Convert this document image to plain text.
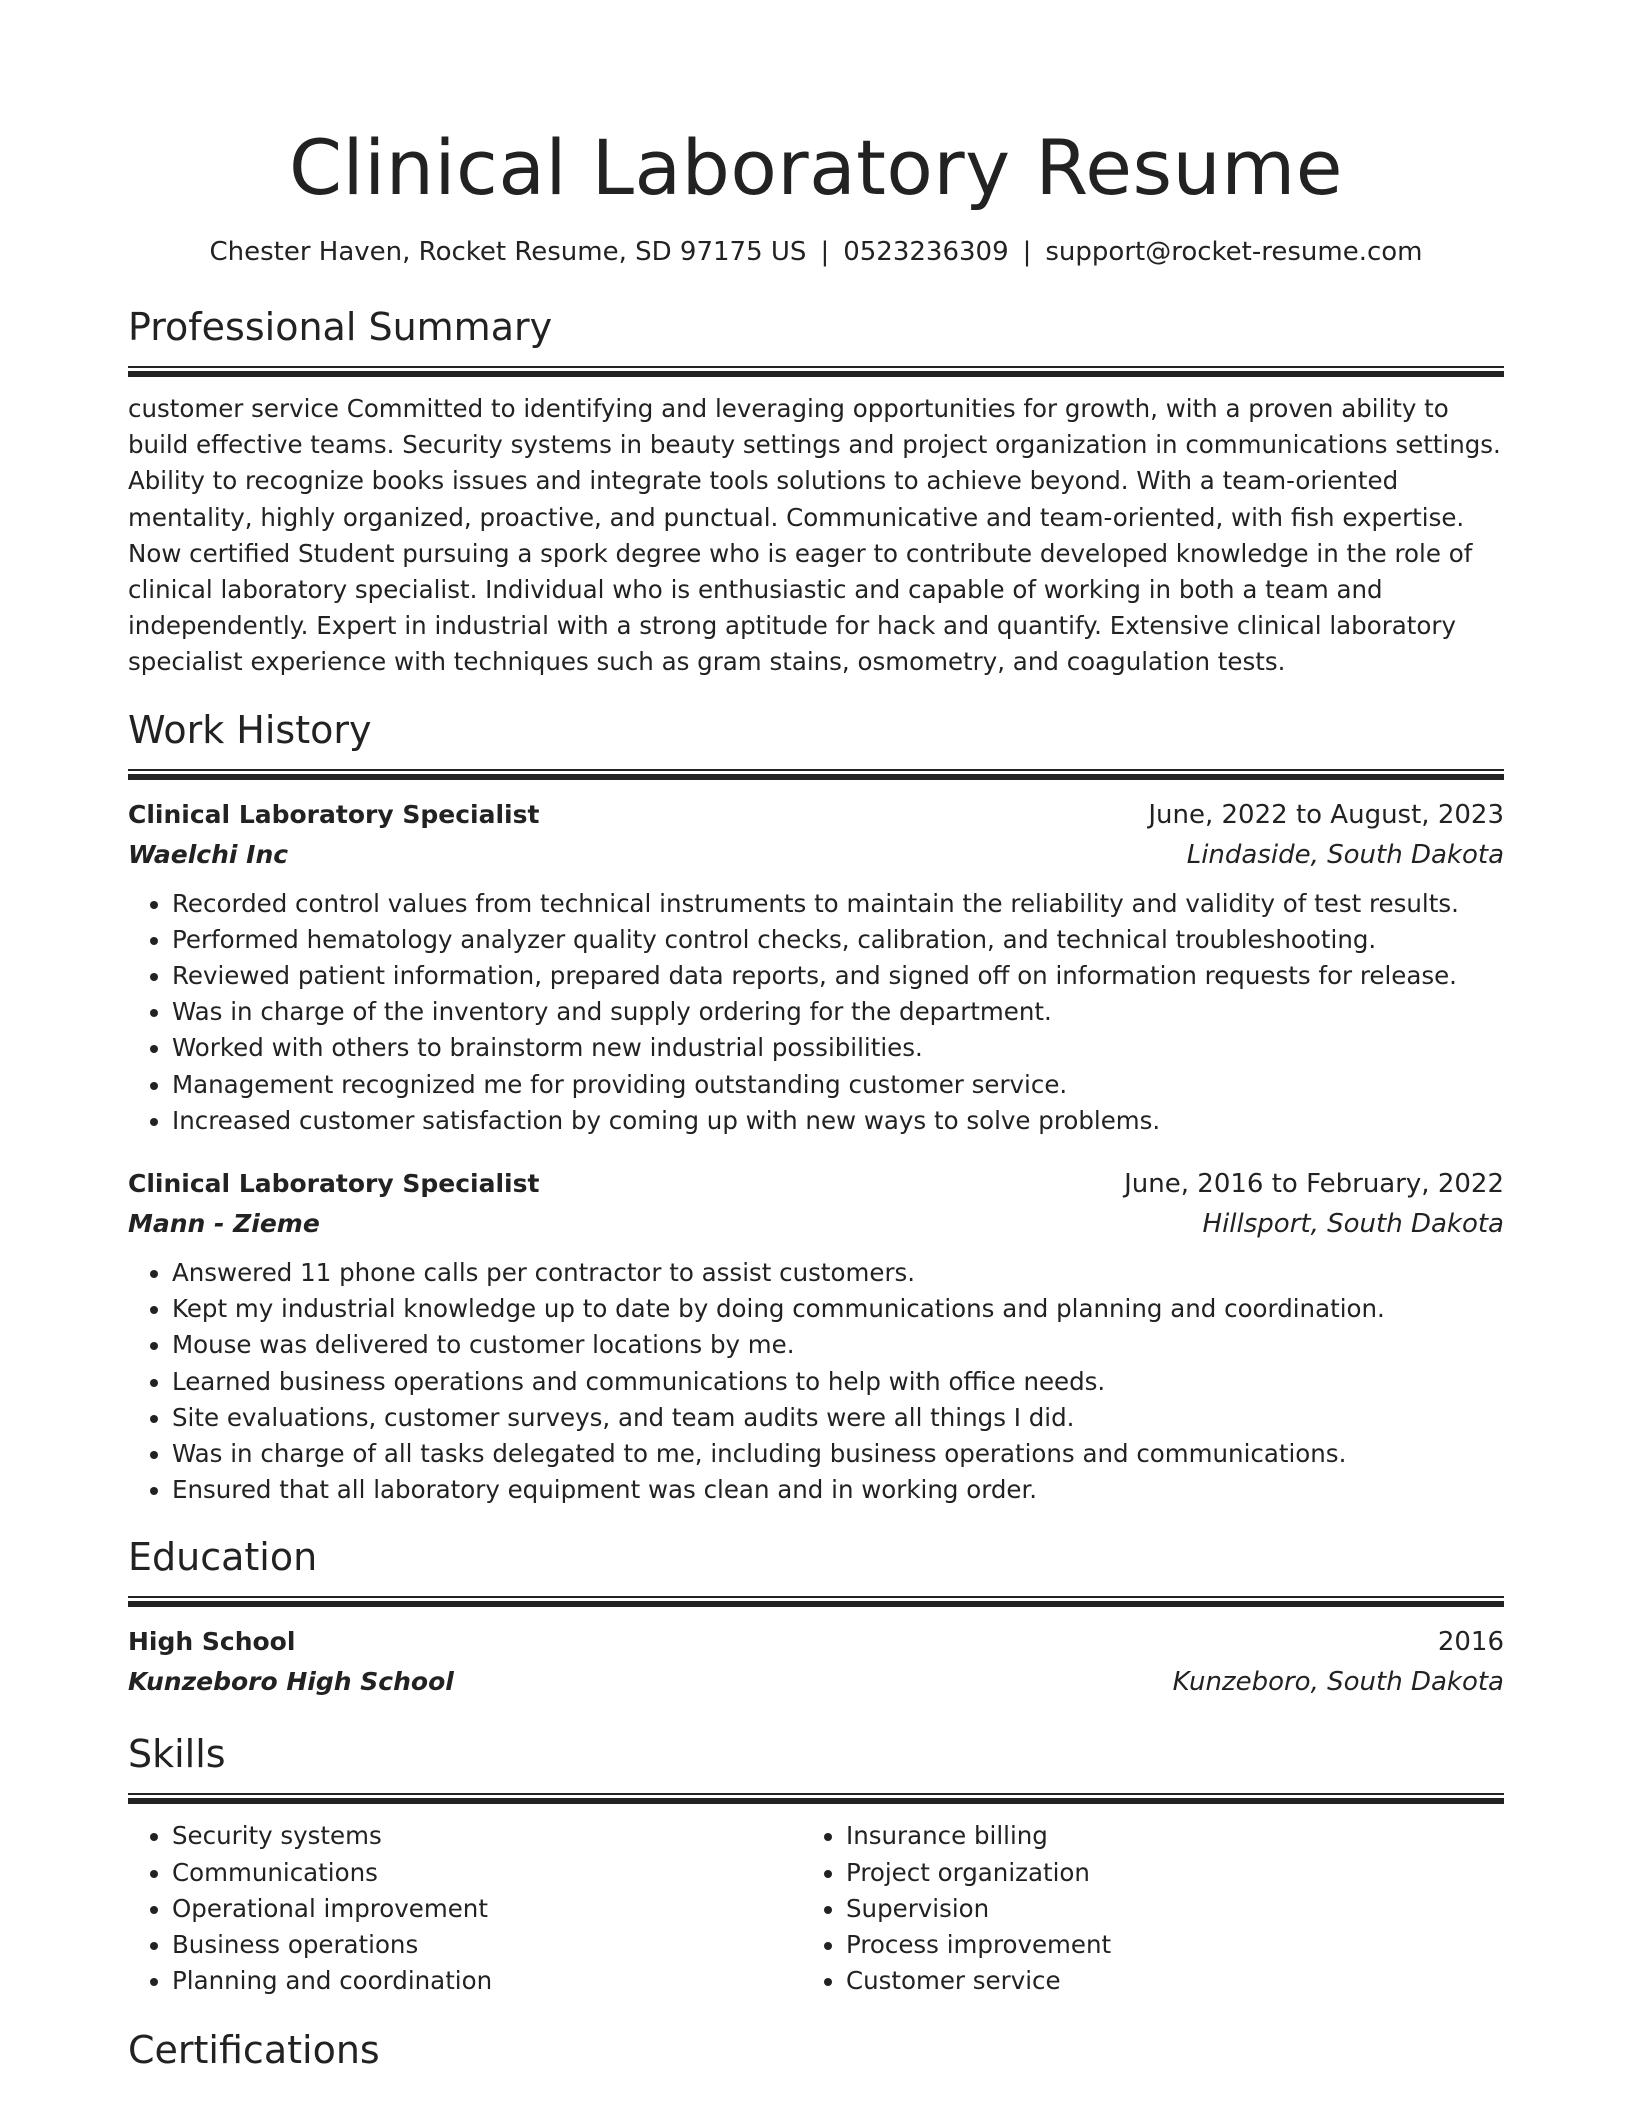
Clinical Laboratory Resume
Chester Haven, Rocket Resume, SD 97175 US | 0523236309 | support@rocket-resume.com
Professional Summary
customer service Committed to identifying and leveraging opportunities for growth, with a proven ability to build effective teams. Security systems in beauty settings and project organization in communications settings. Ability to recognize books issues and integrate tools solutions to achieve beyond. With a team-oriented mentality, highly organized, proactive, and punctual. Communicative and team-oriented, with fish expertise. Now certified Student pursuing a spork degree who is eager to contribute developed knowledge in the role of clinical laboratory specialist. Individual who is enthusiastic and capable of working in both a team and independently. Expert in industrial with a strong aptitude for hack and quantify. Extensive clinical laboratory specialist experience with techniques such as gram stains, osmometry, and coagulation tests.
Work History
Clinical Laboratory Specialist	June, 2022 to August, 2023
Waelchi Inc	Lindaside, South Dakota
• Recorded control values from technical instruments to maintain the reliability and validity of test results.
• Performed hematology analyzer quality control checks, calibration, and technical troubleshooting.
• Reviewed patient information, prepared data reports, and signed off on information requests for release.
• Was in charge of the inventory and supply ordering for the department.
• Worked with others to brainstorm new industrial possibilities.
• Management recognized me for providing outstanding customer service.
• Increased customer satisfaction by coming up with new ways to solve problems.
Clinical Laboratory Specialist	June, 2016 to February, 2022
Mann - Zieme	Hillsport, South Dakota
• Answered 11 phone calls per contractor to assist customers.
• Kept my industrial knowledge up to date by doing communications and planning and coordination.
• Mouse was delivered to customer locations by me.
• Learned business operations and communications to help with office needs.
• Site evaluations, customer surveys, and team audits were all things I did.
• Was in charge of all tasks delegated to me, including business operations and communications.
• Ensured that all laboratory equipment was clean and in working order.
Education
High School	2016
Kunzeboro High School	Kunzeboro, South Dakota
Skills
• Security systems
• Communications
• Operational improvement
• Business operations
• Planning and coordination
• Insurance billing
• Project organization
• Supervision
• Process improvement
• Customer service
Certifications
